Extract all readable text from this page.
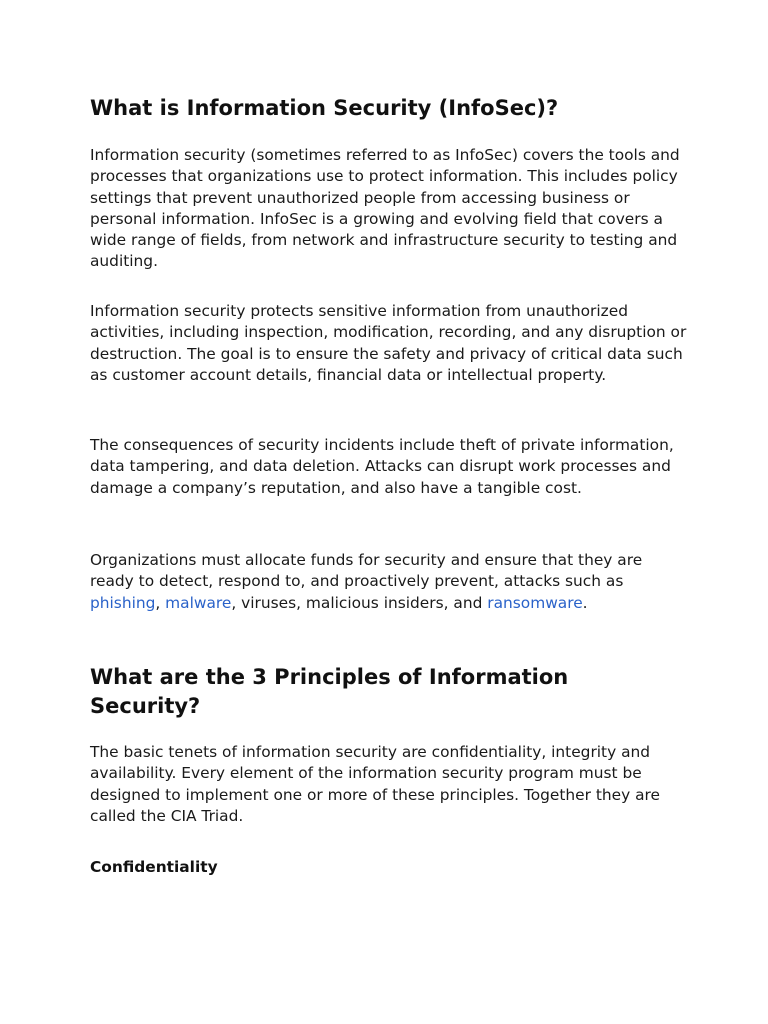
What is Information Security (InfoSec)?

Information security (sometimes referred to as InfoSec) covers the tools and processes that organizations use to protect information. This includes policy settings that prevent unauthorized people from accessing business or personal information. InfoSec is a growing and evolving field that covers a wide range of fields, from network and infrastructure security to testing and auditing.

Information security protects sensitive information from unauthorized activities, including inspection, modification, recording, and any disruption or destruction. The goal is to ensure the safety and privacy of critical data such as customer account details, financial data or intellectual property.

The consequences of security incidents include theft of private information, data tampering, and data deletion. Attacks can disrupt work processes and damage a company’s reputation, and also have a tangible cost.

Organizations must allocate funds for security and ensure that they are ready to detect, respond to, and proactively prevent, attacks such as phishing, malware, viruses, malicious insiders, and ransomware.

What are the 3 Principles of Information Security?

The basic tenets of information security are confidentiality, integrity and availability. Every element of the information security program must be designed to implement one or more of these principles. Together they are called the CIA Triad.

Confidentiality
